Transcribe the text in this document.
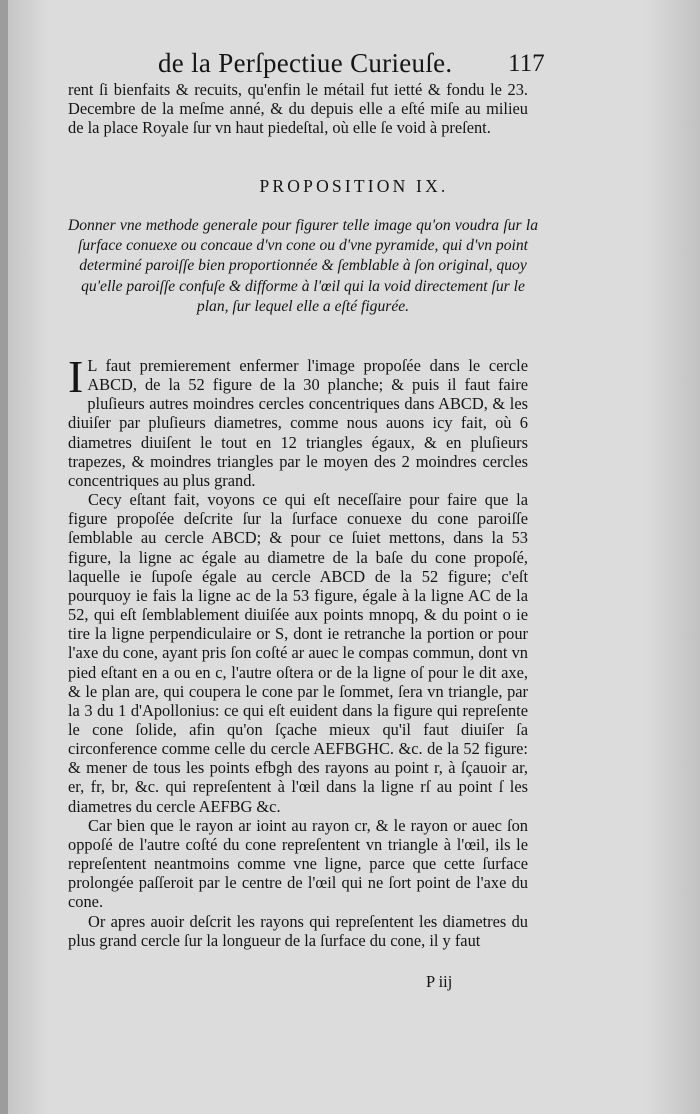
de la Perſpectiue Curieuſe. 117

rent ſi bienfaits & recuits, qu'enfin le métail fut ietté & fondu le 23. Decembre de la meſme anné, & du depuis elle a eſté miſe au milieu de la place Royale ſur vn haut piedeſtal, où elle ſe void à preſent.

PROPOSITION IX.
Donner vne methode generale pour figurer telle image qu'on voudra ſur la
ſurface conuexe ou concaue d'vn cone ou d'vne pyramide, qui d'vn point determiné paroiſſe bien proportionnée & ſemblable à ſon original, quoy qu'elle paroiſſe confuſe & difforme à l'œil qui la void directement ſur le plan, ſur lequel elle a eſté figurée.

I L faut premierement enfermer l'image propoſée dans le cercle ABCD, de la 52 figure de la 30 planche; & puis il faut faire pluſieurs autres moindres cercles concentriques dans ABCD, & les diuiſer par pluſieurs diametres, comme nous auons icy fait, où 6 diametres diuiſent le tout en 12 triangles égaux, & en pluſieurs trapezes, & moindres triangles par le moyen des 2 moindres cercles concentriques au plus grand.

Cecy eſtant fait, voyons ce qui eſt neceſſaire pour faire que la figure propoſée deſcrite ſur la ſurface conuexe du cone paroiſſe ſemblable au cercle ABCD; & pour ce ſuiet mettons, dans la 53 figure, la ligne ac égale au diametre de la baſe du cone propoſé, laquelle ie ſupoſe égale au cercle ABCD de la 52 figure; c'eſt pourquoy ie fais la ligne ac de la 53 figure, égale à la ligne AC de la 52, qui eſt ſemblablement diuiſée aux points mnopq, & du point o ie tire la ligne perpendiculaire or S, dont ie retranche la portion or pour l'axe du cone, ayant pris ſon coſté ar auec le compas commun, dont vn pied eſtant en a ou en c, l'autre oſtera or de la ligne oſ pour le dit axe, & le plan are, qui coupera le cone par le ſommet, ſera vn triangle, par la 3 du 1 d'Apollonius: ce qui eſt euident dans la figure qui repreſente le cone ſolide, afin qu'on ſçache mieux qu'il faut diuiſer ſa circonference comme celle du cercle AEFBGHC. &c. de la 52 figure: & mener de tous les points efbgh des rayons au point r, à ſçauoir ar, er, fr, br, &c. qui repreſentent à l'œil dans la ligne rſ au point ſ les diametres du cercle AEFBG &c.

Car bien que le rayon ar ioint au rayon cr, & le rayon or auec ſon oppoſé de l'autre coſté du cone repreſentent vn triangle à l'œil, ils le repreſentent neantmoins comme vne ligne, parce que cette ſurface prolongée paſſeroit par le centre de l'œil qui ne ſort point de l'axe du cone.

Or apres auoir deſcrit les rayons qui repreſentent les diametres du plus grand cercle ſur la longueur de la ſurface du cone, il y faut

P iij
